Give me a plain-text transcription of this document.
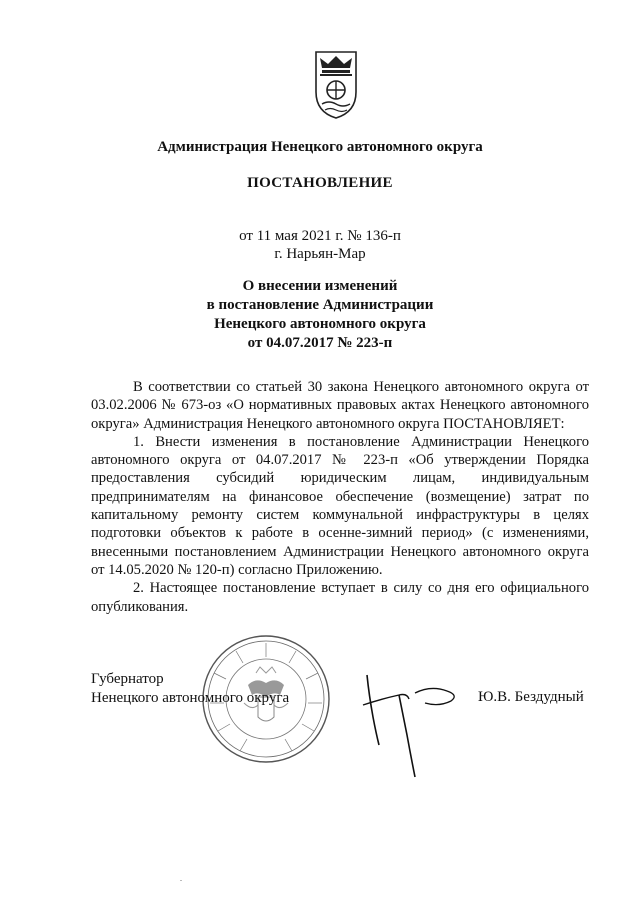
Администрация Ненецкого автономного округа
ПОСТАНОВЛЕНИЕ
от 11 мая 2021 г. № 136-п
г. Нарьян-Мар
О внесении изменений
в постановление Администрации
Ненецкого автономного округа
от 04.07.2017 № 223-п

В соответствии со статьей 30 закона Ненецкого автономного округа от 03.02.2006 № 673-оз «О нормативных правовых актах Ненецкого автономного округа» Администрация Ненецкого автономного округа ПОСТАНОВЛЯЕТ:

1. Внести изменения в постановление Администрации Ненецкого автономного округа от 04.07.2017 № 223-п «Об утверждении Порядка предоставления субсидий юридическим лицам, индивидуальным предпринимателям на финансовое обеспечение (возмещение) затрат по капитальному ремонту систем коммунальной инфраструктуры в целях подготовки объектов к работе в осенне-зимний период» (с изменениями, внесенными постановлением Администрации Ненецкого автономного округа от 14.05.2020 № 120-п) согласно Приложению.

2. Настоящее постановление вступает в силу со дня его официального опубликования.

Губернатор
Ненецкого автономного округа	Ю.В. Бездудный
